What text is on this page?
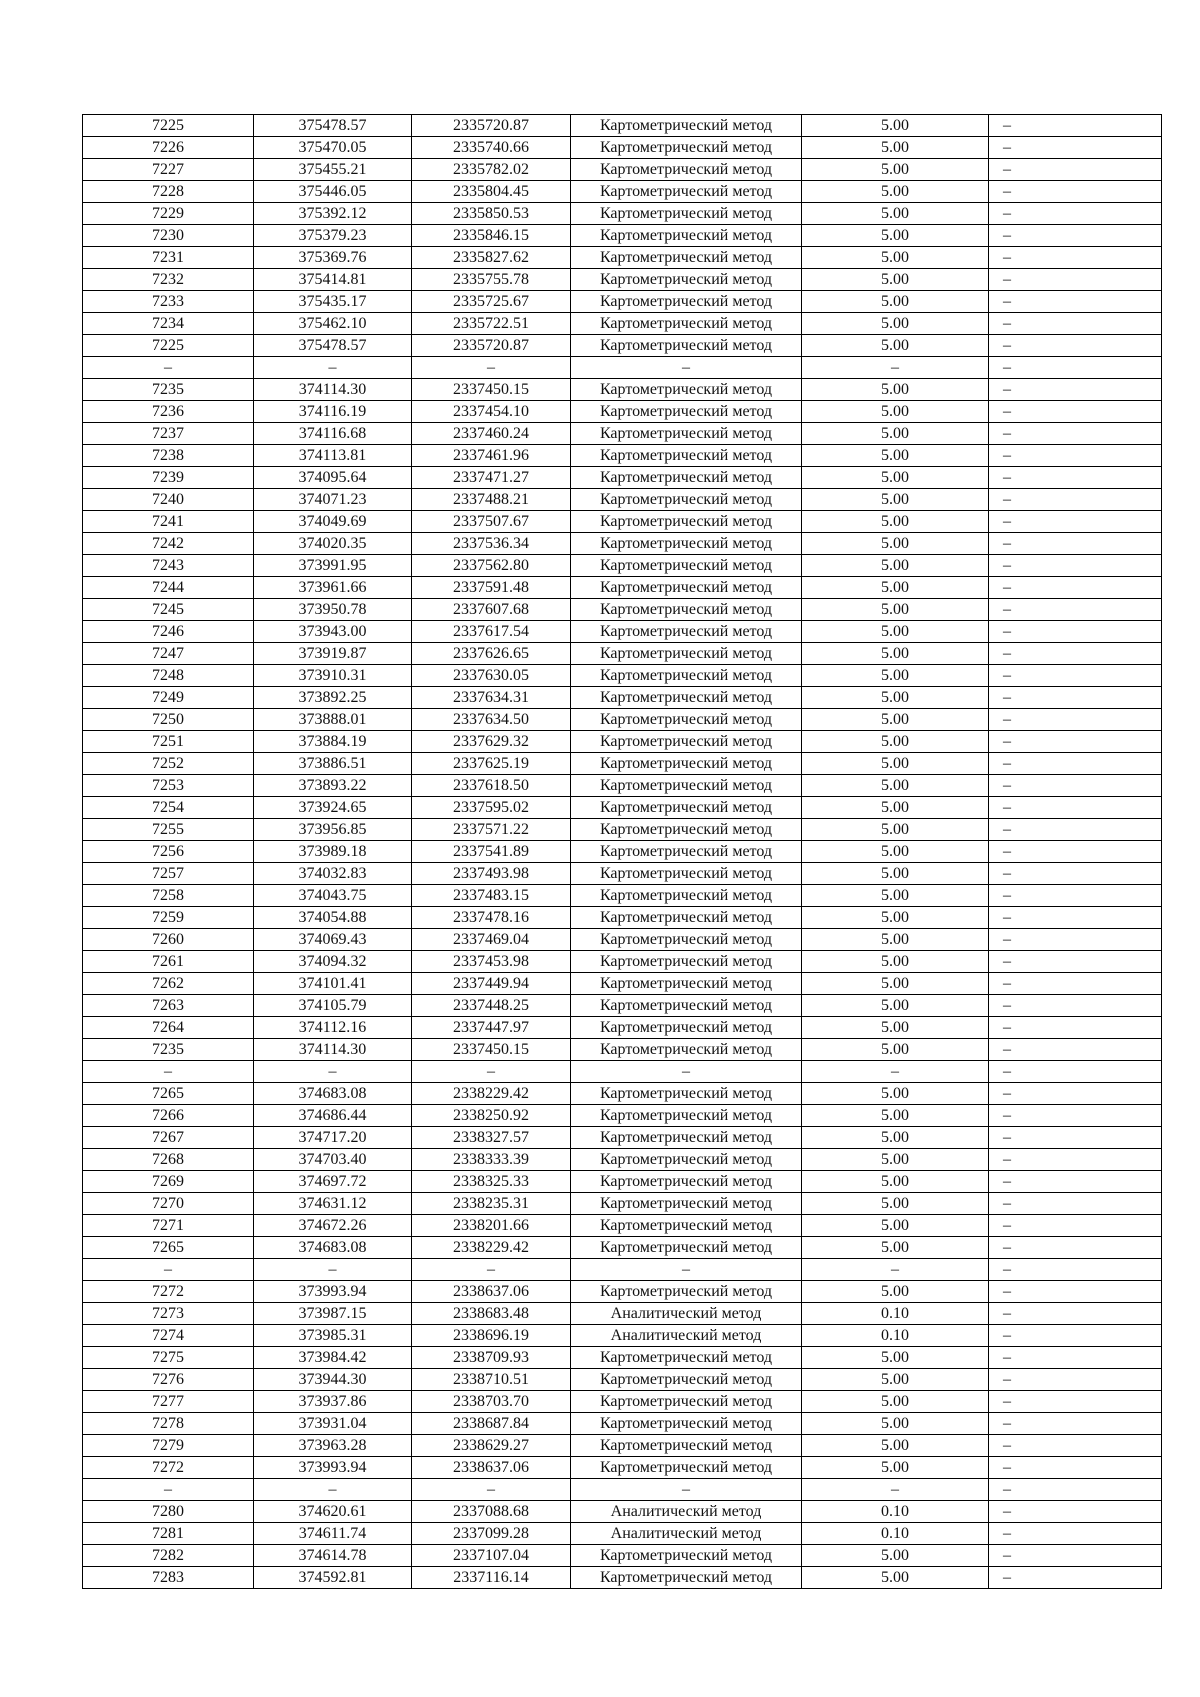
7225	375478.57	2335720.87	Картометрический метод	5.00	–
7226	375470.05	2335740.66	Картометрический метод	5.00	–
7227	375455.21	2335782.02	Картометрический метод	5.00	–
7228	375446.05	2335804.45	Картометрический метод	5.00	–
7229	375392.12	2335850.53	Картометрический метод	5.00	–
7230	375379.23	2335846.15	Картометрический метод	5.00	–
7231	375369.76	2335827.62	Картометрический метод	5.00	–
7232	375414.81	2335755.78	Картометрический метод	5.00	–
7233	375435.17	2335725.67	Картометрический метод	5.00	–
7234	375462.10	2335722.51	Картометрический метод	5.00	–
7225	375478.57	2335720.87	Картометрический метод	5.00	–
–	–	–	–	–	–
7235	374114.30	2337450.15	Картометрический метод	5.00	–
7236	374116.19	2337454.10	Картометрический метод	5.00	–
7237	374116.68	2337460.24	Картометрический метод	5.00	–
7238	374113.81	2337461.96	Картометрический метод	5.00	–
7239	374095.64	2337471.27	Картометрический метод	5.00	–
7240	374071.23	2337488.21	Картометрический метод	5.00	–
7241	374049.69	2337507.67	Картометрический метод	5.00	–
7242	374020.35	2337536.34	Картометрический метод	5.00	–
7243	373991.95	2337562.80	Картометрический метод	5.00	–
7244	373961.66	2337591.48	Картометрический метод	5.00	–
7245	373950.78	2337607.68	Картометрический метод	5.00	–
7246	373943.00	2337617.54	Картометрический метод	5.00	–
7247	373919.87	2337626.65	Картометрический метод	5.00	–
7248	373910.31	2337630.05	Картометрический метод	5.00	–
7249	373892.25	2337634.31	Картометрический метод	5.00	–
7250	373888.01	2337634.50	Картометрический метод	5.00	–
7251	373884.19	2337629.32	Картометрический метод	5.00	–
7252	373886.51	2337625.19	Картометрический метод	5.00	–
7253	373893.22	2337618.50	Картометрический метод	5.00	–
7254	373924.65	2337595.02	Картометрический метод	5.00	–
7255	373956.85	2337571.22	Картометрический метод	5.00	–
7256	373989.18	2337541.89	Картометрический метод	5.00	–
7257	374032.83	2337493.98	Картометрический метод	5.00	–
7258	374043.75	2337483.15	Картометрический метод	5.00	–
7259	374054.88	2337478.16	Картометрический метод	5.00	–
7260	374069.43	2337469.04	Картометрический метод	5.00	–
7261	374094.32	2337453.98	Картометрический метод	5.00	–
7262	374101.41	2337449.94	Картометрический метод	5.00	–
7263	374105.79	2337448.25	Картометрический метод	5.00	–
7264	374112.16	2337447.97	Картометрический метод	5.00	–
7235	374114.30	2337450.15	Картометрический метод	5.00	–
–	–	–	–	–	–
7265	374683.08	2338229.42	Картометрический метод	5.00	–
7266	374686.44	2338250.92	Картометрический метод	5.00	–
7267	374717.20	2338327.57	Картометрический метод	5.00	–
7268	374703.40	2338333.39	Картометрический метод	5.00	–
7269	374697.72	2338325.33	Картометрический метод	5.00	–
7270	374631.12	2338235.31	Картометрический метод	5.00	–
7271	374672.26	2338201.66	Картометрический метод	5.00	–
7265	374683.08	2338229.42	Картометрический метод	5.00	–
–	–	–	–	–	–
7272	373993.94	2338637.06	Картометрический метод	5.00	–
7273	373987.15	2338683.48	Аналитический метод	0.10	–
7274	373985.31	2338696.19	Аналитический метод	0.10	–
7275	373984.42	2338709.93	Картометрический метод	5.00	–
7276	373944.30	2338710.51	Картометрический метод	5.00	–
7277	373937.86	2338703.70	Картометрический метод	5.00	–
7278	373931.04	2338687.84	Картометрический метод	5.00	–
7279	373963.28	2338629.27	Картометрический метод	5.00	–
7272	373993.94	2338637.06	Картометрический метод	5.00	–
–	–	–	–	–	–
7280	374620.61	2337088.68	Аналитический метод	0.10	–
7281	374611.74	2337099.28	Аналитический метод	0.10	–
7282	374614.78	2337107.04	Картометрический метод	5.00	–
7283	374592.81	2337116.14	Картометрический метод	5.00	–
